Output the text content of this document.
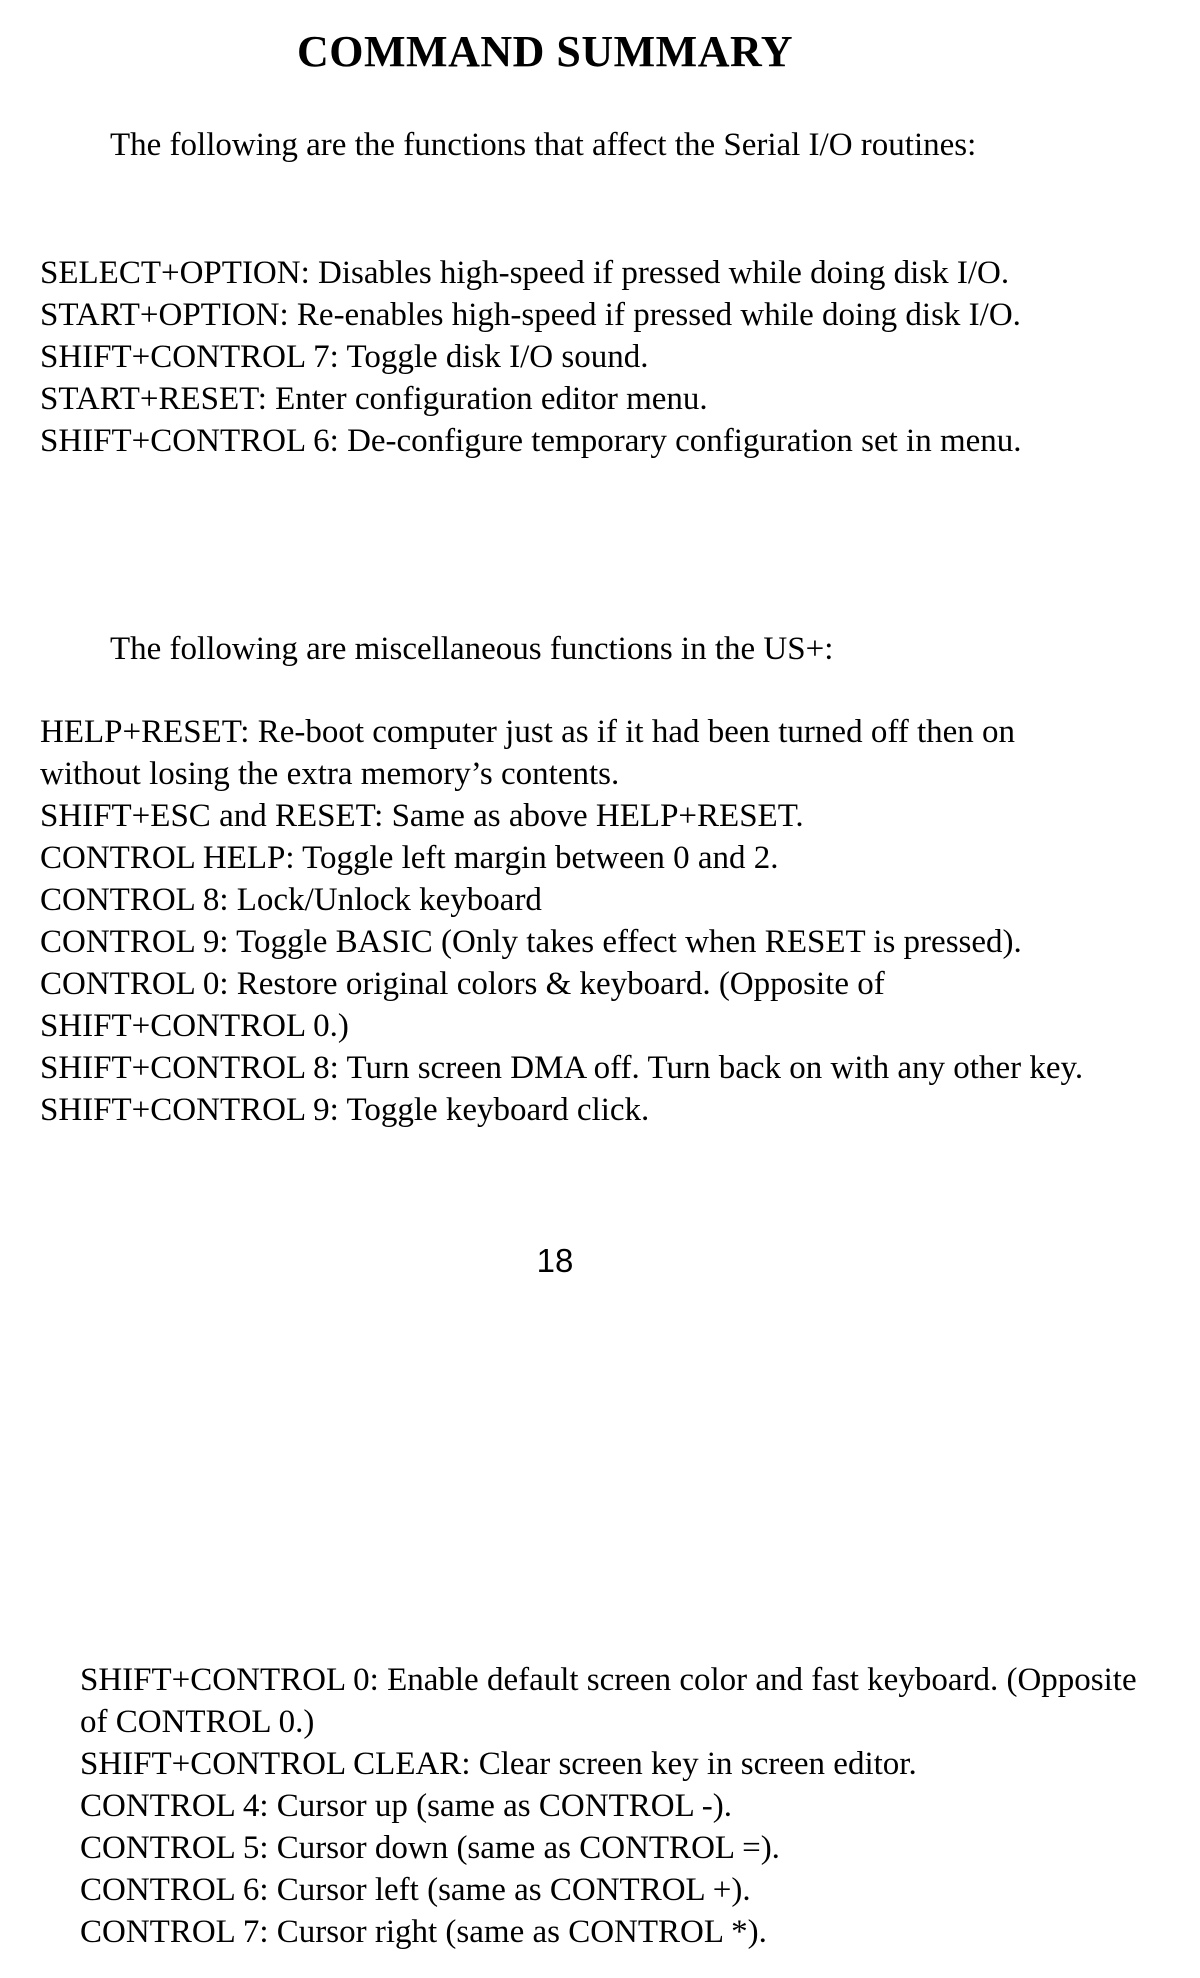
COMMAND SUMMARY

The following are the functions that affect the Serial I/O routines:

SELECT+OPTION: Disables high-speed if pressed while doing disk I/O.
START+OPTION: Re-enables high-speed if pressed while doing disk I/O.
SHIFT+CONTROL 7: Toggle disk I/O sound.
START+RESET: Enter configuration editor menu.
SHIFT+CONTROL 6: De-configure temporary configuration set in menu.

The following are miscellaneous functions in the US+:

HELP+RESET: Re-boot computer just as if it had been turned off then on without losing the extra memory’s contents.
SHIFT+ESC and RESET: Same as above HELP+RESET.
CONTROL HELP: Toggle left margin between 0 and 2.
CONTROL 8: Lock/Unlock keyboard
CONTROL 9: Toggle BASIC (Only takes effect when RESET is pressed).
CONTROL 0: Restore original colors & keyboard. (Opposite of SHIFT+CONTROL 0.)
SHIFT+CONTROL 8: Turn screen DMA off. Turn back on with any other key.
SHIFT+CONTROL 9: Toggle keyboard click.
18
SHIFT+CONTROL 0: Enable default screen color and fast keyboard. (Opposite of CONTROL 0.)
SHIFT+CONTROL CLEAR: Clear screen key in screen editor.
CONTROL 4: Cursor up (same as CONTROL -).
CONTROL 5: Cursor down (same as CONTROL =).
CONTROL 6: Cursor left (same as CONTROL +).
CONTROL 7: Cursor right (same as CONTROL *).
